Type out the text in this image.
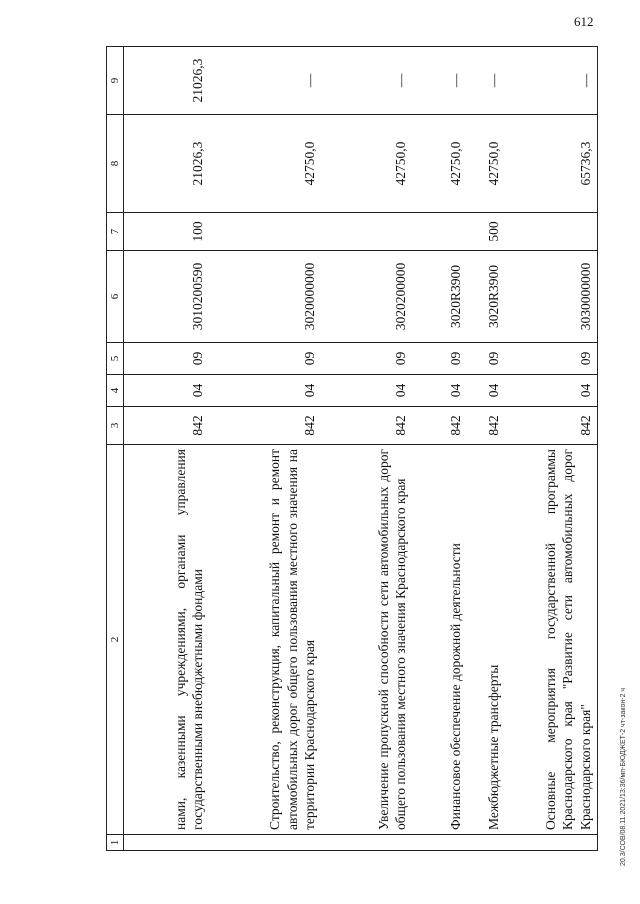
612
1	2	3	4	5	6	7	8	9
	нами, казенными учреждениями, органами управления государственными внебюджетными фондами	842	04	09	3010200590	100	21026,3	21026,3
	Строительство, реконструкция, капитальный ремонт и ремонт автомобильных дорог общего пользования местного значения на территории Краснодарского края	842	04	09	3020000000		42750,0	—
	Увеличение пропускной способности сети автомобильных дорог общего пользования местного значения Краснодарского края	842	04	09	3020200000		42750,0	—
	Финансовое обеспечение дорожной деятельности	842	04	09	3020R3900		42750,0	—
	Межбюджетные трансферты	842	04	09	3020R3900	500	42750,0	—
	Основные мероприятия государственной программы Краснодарского края "Развитие сети автомобильных дорог Краснодарского края"	842	04	09	3030000000		65736,3	—
20.3/СОВ/08.11.2021/13:36/мп-БЮДЖЕТ-2 чт-закон-2 ч
